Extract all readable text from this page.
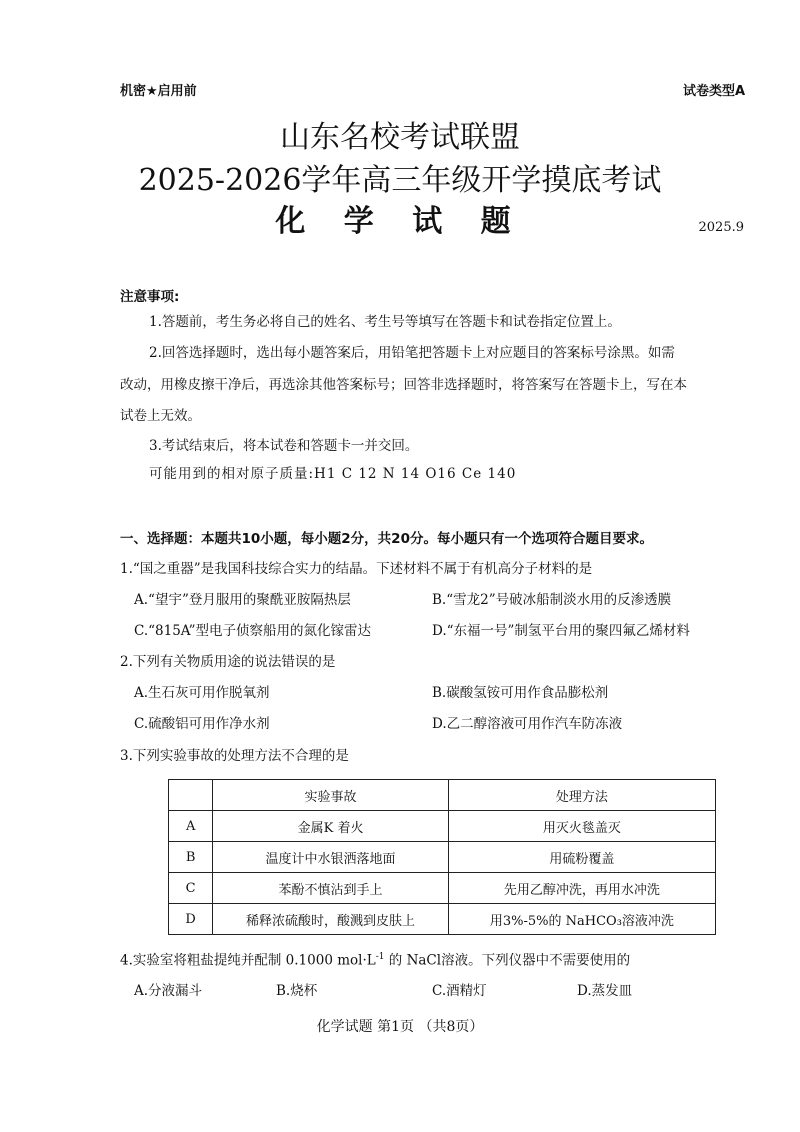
机密★启用前	试卷类型A
山东名校考试联盟
2025-2026学年高三年级开学摸底考试
化 学 试 题	2025.9
注意事项:
1.答题前，考生务必将自己的姓名、考生号等填写在答题卡和试卷指定位置上。
2.回答选择题时，选出每小题答案后，用铅笔把答题卡上对应题目的答案标号涂黑。如需
改动，用橡皮擦干净后，再选涂其他答案标号；回答非选择题时，将答案写在答题卡上，写在本
试卷上无效。
3.考试结束后，将本试卷和答题卡一并交回。
可能用到的相对原子质量:H1 C 12 N 14 O16 Ce 140
一、选择题：本题共10小题，每小题2分，共20分。每小题只有一个选项符合题目要求。
1.“国之重器”是我国科技综合实力的结晶。下述材料不属于有机高分子材料的是
A.“望宇”登月服用的聚酰亚胺隔热层	B.“雪龙2”号破冰船制淡水用的反渗透膜
C.“815A”型电子侦察船用的氮化镓雷达	D.“东福一号”制氢平台用的聚四氟乙烯材料
2.下列有关物质用途的说法错误的是
A.生石灰可用作脱氧剂	B.碳酸氢铵可用作食品膨松剂
C.硫酸铝可用作净水剂	D.乙二醇溶液可用作汽车防冻液
3.下列实验事故的处理方法不合理的是
	实验事故	处理方法
A	金属K 着火	用灭火毯盖灭
B	温度计中水银洒落地面	用硫粉覆盖
C	苯酚不慎沾到手上	先用乙醇冲洗，再用水冲洗
D	稀释浓硫酸时，酸溅到皮肤上	用3%-5%的 NaHCO₃溶液冲洗
4.实验室将粗盐提纯并配制 0.1000 $mol\cdot L^{-1}$ 的 NaCl溶液。下列仪器中不需要使用的
A.分液漏斗	B.烧杯	C.酒精灯	D.蒸发皿
化学试题 第1页 （共8页）
